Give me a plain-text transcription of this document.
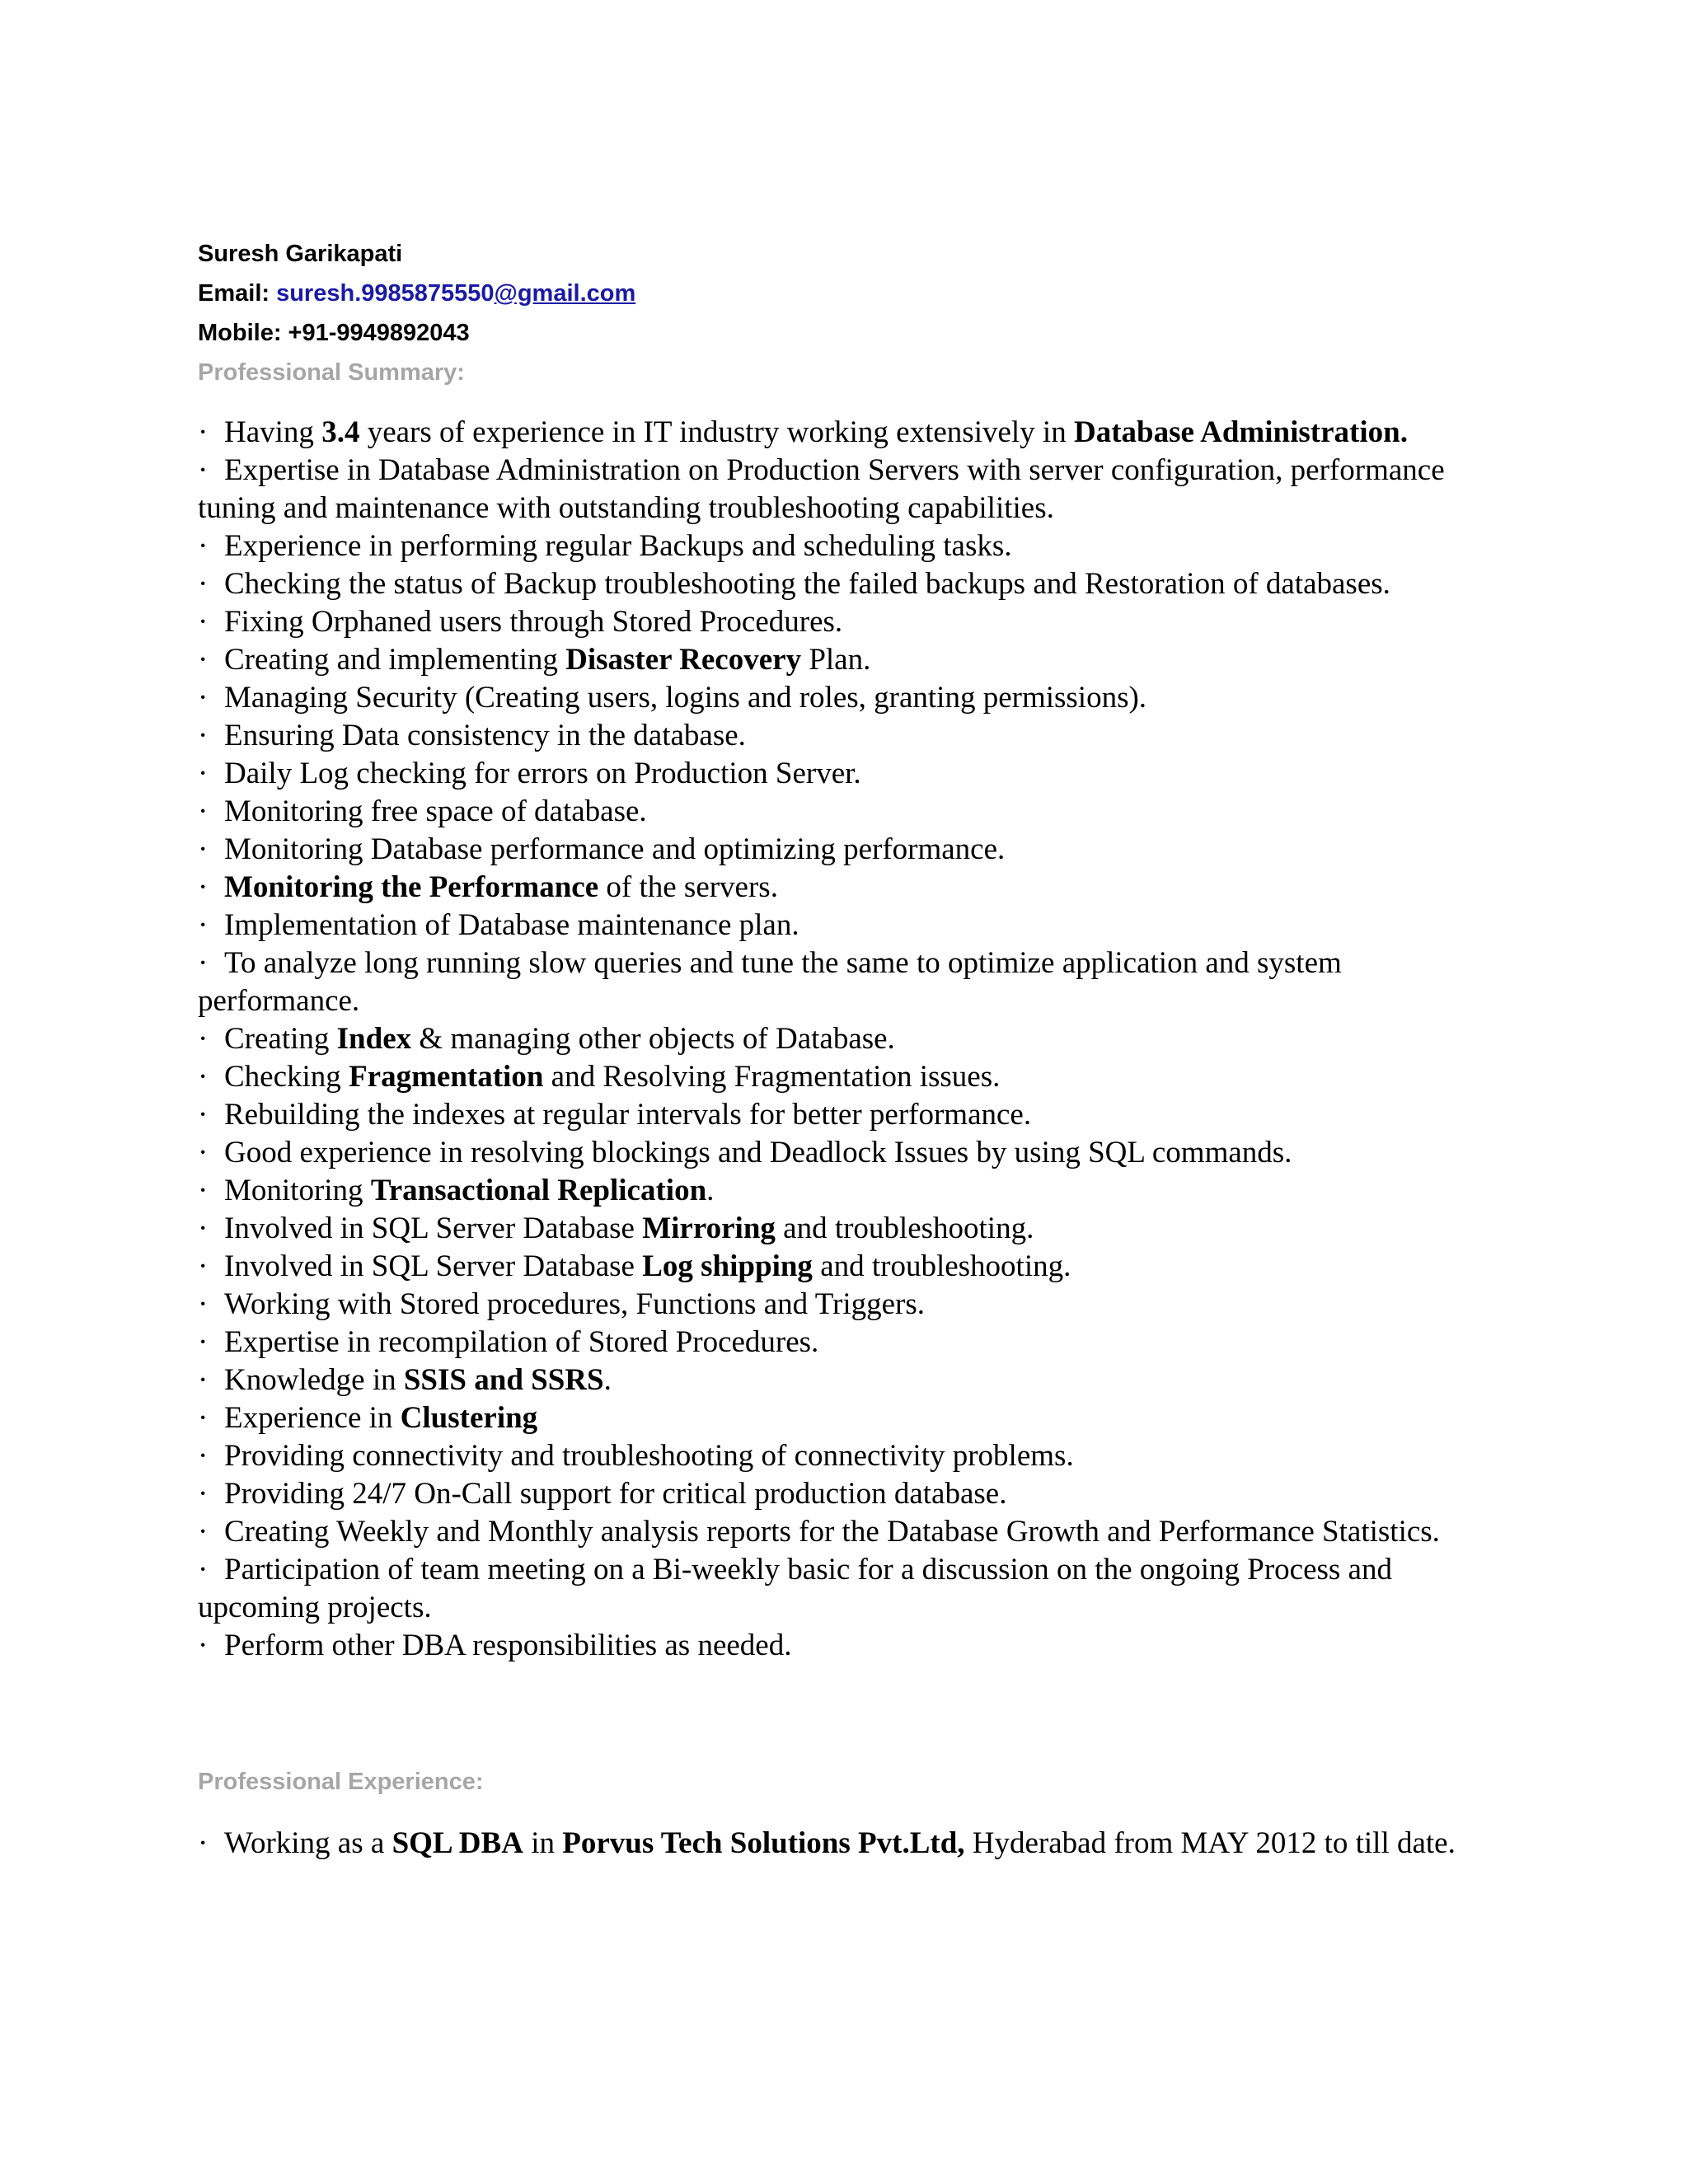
Suresh Garikapati
Email: suresh.9985875550@gmail.com
Mobile: +91-9949892043
Professional Summary:

· Having 3.4 years of experience in IT industry working extensively in Database Administration.

· Expertise in Database Administration on Production Servers with server configuration, performance tuning and maintenance with outstanding troubleshooting capabilities.

· Experience in performing regular Backups and scheduling tasks.

· Checking the status of Backup troubleshooting the failed backups and Restoration of databases.

· Fixing Orphaned users through Stored Procedures.

· Creating and implementing Disaster Recovery Plan.

· Managing Security (Creating users, logins and roles, granting permissions).

· Ensuring Data consistency in the database.

· Daily Log checking for errors on Production Server.

· Monitoring free space of database.

· Monitoring Database performance and optimizing performance.

· Monitoring the Performance of the servers.

· Implementation of Database maintenance plan.

· To analyze long running slow queries and tune the same to optimize application and system performance.

· Creating Index & managing other objects of Database.

· Checking Fragmentation and Resolving Fragmentation issues.

· Rebuilding the indexes at regular intervals for better performance.

· Good experience in resolving blockings and Deadlock Issues by using SQL commands.

· Monitoring Transactional Replication.

· Involved in SQL Server Database Mirroring and troubleshooting.

· Involved in SQL Server Database Log shipping and troubleshooting.

· Working with Stored procedures, Functions and Triggers.

· Expertise in recompilation of Stored Procedures.

· Knowledge in SSIS and SSRS.

· Experience in Clustering

· Providing connectivity and troubleshooting of connectivity problems.

· Providing 24/7 On-Call support for critical production database.

· Creating Weekly and Monthly analysis reports for the Database Growth and Performance Statistics.

· Participation of team meeting on a Bi-weekly basic for a discussion on the ongoing Process and upcoming projects.

· Perform other DBA responsibilities as needed.

Professional Experience:

· Working as a SQL DBA in Porvus Tech Solutions Pvt.Ltd, Hyderabad from MAY 2012 to till date.
